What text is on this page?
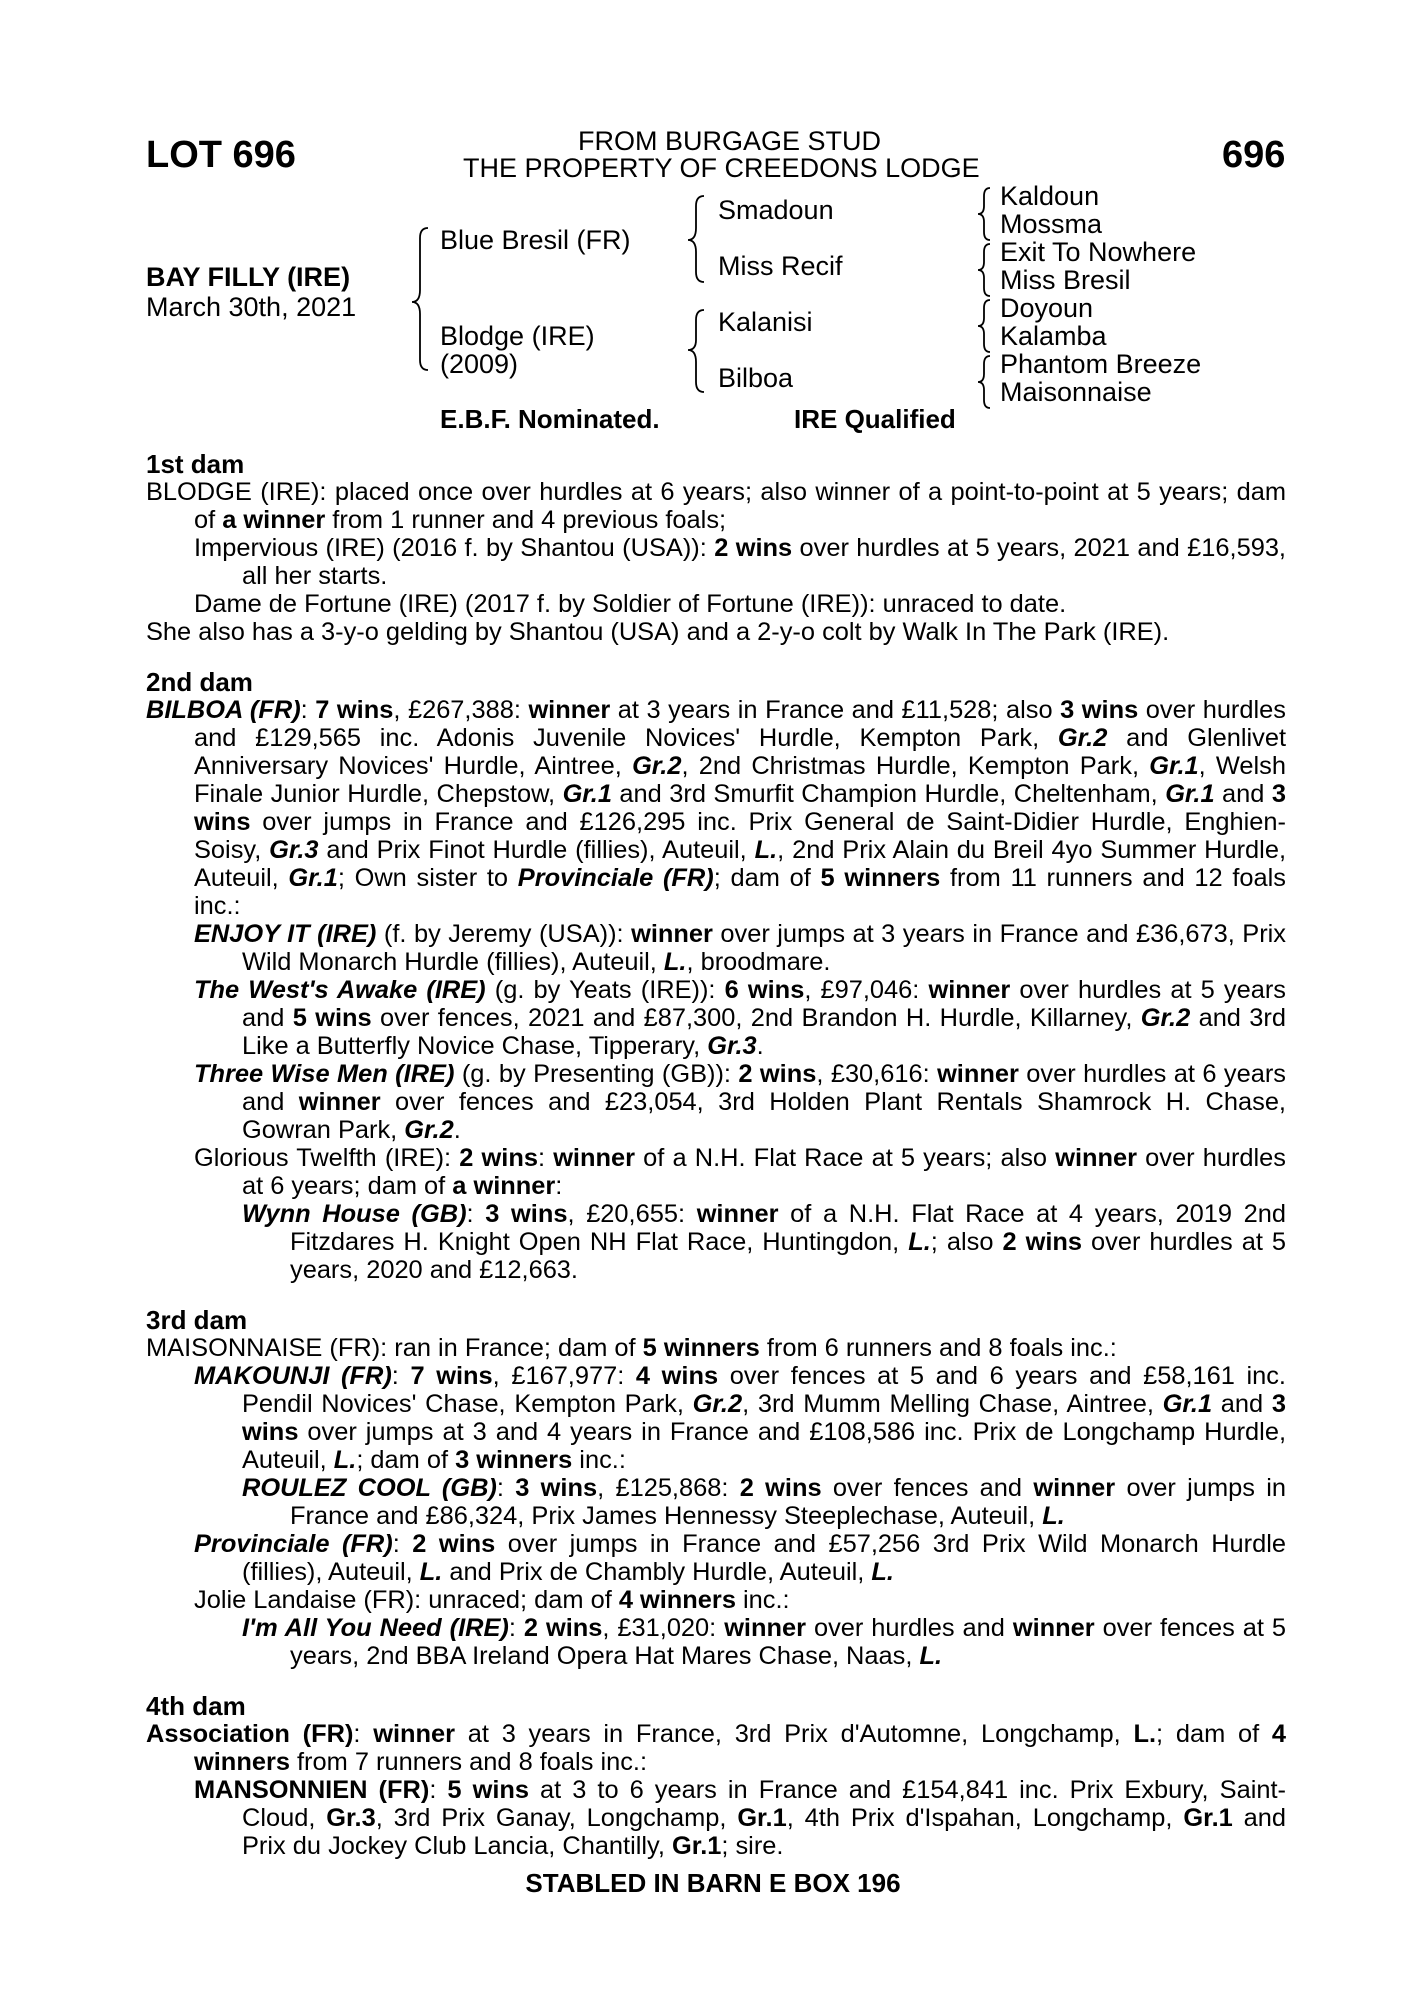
LOT 696	FROM BURGAGE STUD
THE PROPERTY OF CREEDONS LODGE	696
BAY FILLY (IRE)
March 30th, 2021
Blue Bresil (FR)
Blodge (IRE)
(2009)
Smadoun
Miss Recif
Kalanisi
Bilboa
Kaldoun
Mossma
Exit To Nowhere
Miss Bresil
Doyoun
Kalamba
Phantom Breeze
Maisonnaise
E.B.F. Nominated.	IRE Qualified
1st dam
BLODGE (IRE): placed once over hurdles at 6 years; also winner of a point-to-point at 5 years; dam of a winner from 1 runner and 4 previous foals;
Impervious (IRE) (2016 f. by Shantou (USA)): 2 wins over hurdles at 5 years, 2021 and £16,593, all her starts.
Dame de Fortune (IRE) (2017 f. by Soldier of Fortune (IRE)): unraced to date.
She also has a 3-y-o gelding by Shantou (USA) and a 2-y-o colt by Walk In The Park (IRE).
2nd dam
BILBOA (FR): 7 wins, £267,388: winner at 3 years in France and £11,528; also 3 wins over hurdles and £129,565 inc. Adonis Juvenile Novices' Hurdle, Kempton Park, Gr.2 and Glenlivet Anniversary Novices' Hurdle, Aintree, Gr.2, 2nd Christmas Hurdle, Kempton Park, Gr.1, Welsh Finale Junior Hurdle, Chepstow, Gr.1 and 3rd Smurfit Champion Hurdle, Cheltenham, Gr.1 and 3 wins over jumps in France and £126,295 inc. Prix General de Saint-Didier Hurdle, Enghien-Soisy, Gr.3 and Prix Finot Hurdle (fillies), Auteuil, L., 2nd Prix Alain du Breil 4yo Summer Hurdle, Auteuil, Gr.1; Own sister to Provinciale (FR); dam of 5 winners from 11 runners and 12 foals inc.:
ENJOY IT (IRE) (f. by Jeremy (USA)): winner over jumps at 3 years in France and £36,673, Prix Wild Monarch Hurdle (fillies), Auteuil, L., broodmare.
The West's Awake (IRE) (g. by Yeats (IRE)): 6 wins, £97,046: winner over hurdles at 5 years and 5 wins over fences, 2021 and £87,300, 2nd Brandon H. Hurdle, Killarney, Gr.2 and 3rd Like a Butterfly Novice Chase, Tipperary, Gr.3.
Three Wise Men (IRE) (g. by Presenting (GB)): 2 wins, £30,616: winner over hurdles at 6 years and winner over fences and £23,054, 3rd Holden Plant Rentals Shamrock H. Chase, Gowran Park, Gr.2.
Glorious Twelfth (IRE): 2 wins: winner of a N.H. Flat Race at 5 years; also winner over hurdles at 6 years; dam of a winner:
Wynn House (GB): 3 wins, £20,655: winner of a N.H. Flat Race at 4 years, 2019 2nd Fitzdares H. Knight Open NH Flat Race, Huntingdon, L.; also 2 wins over hurdles at 5 years, 2020 and £12,663.
3rd dam
MAISONNAISE (FR): ran in France; dam of 5 winners from 6 runners and 8 foals inc.:
MAKOUNJI (FR): 7 wins, £167,977: 4 wins over fences at 5 and 6 years and £58,161 inc. Pendil Novices' Chase, Kempton Park, Gr.2, 3rd Mumm Melling Chase, Aintree, Gr.1 and 3 wins over jumps at 3 and 4 years in France and £108,586 inc. Prix de Longchamp Hurdle, Auteuil, L.; dam of 3 winners inc.:
ROULEZ COOL (GB): 3 wins, £125,868: 2 wins over fences and winner over jumps in France and £86,324, Prix James Hennessy Steeplechase, Auteuil, L.
Provinciale (FR): 2 wins over jumps in France and £57,256 3rd Prix Wild Monarch Hurdle (fillies), Auteuil, L. and Prix de Chambly Hurdle, Auteuil, L.
Jolie Landaise (FR): unraced; dam of 4 winners inc.:
I'm All You Need (IRE): 2 wins, £31,020: winner over hurdles and winner over fences at 5 years, 2nd BBA Ireland Opera Hat Mares Chase, Naas, L.
4th dam
Association (FR): winner at 3 years in France, 3rd Prix d'Automne, Longchamp, L.; dam of 4 winners from 7 runners and 8 foals inc.:
MANSONNIEN (FR): 5 wins at 3 to 6 years in France and £154,841 inc. Prix Exbury, Saint-Cloud, Gr.3, 3rd Prix Ganay, Longchamp, Gr.1, 4th Prix d'Ispahan, Longchamp, Gr.1 and Prix du Jockey Club Lancia, Chantilly, Gr.1; sire.
STABLED IN BARN E BOX 196
